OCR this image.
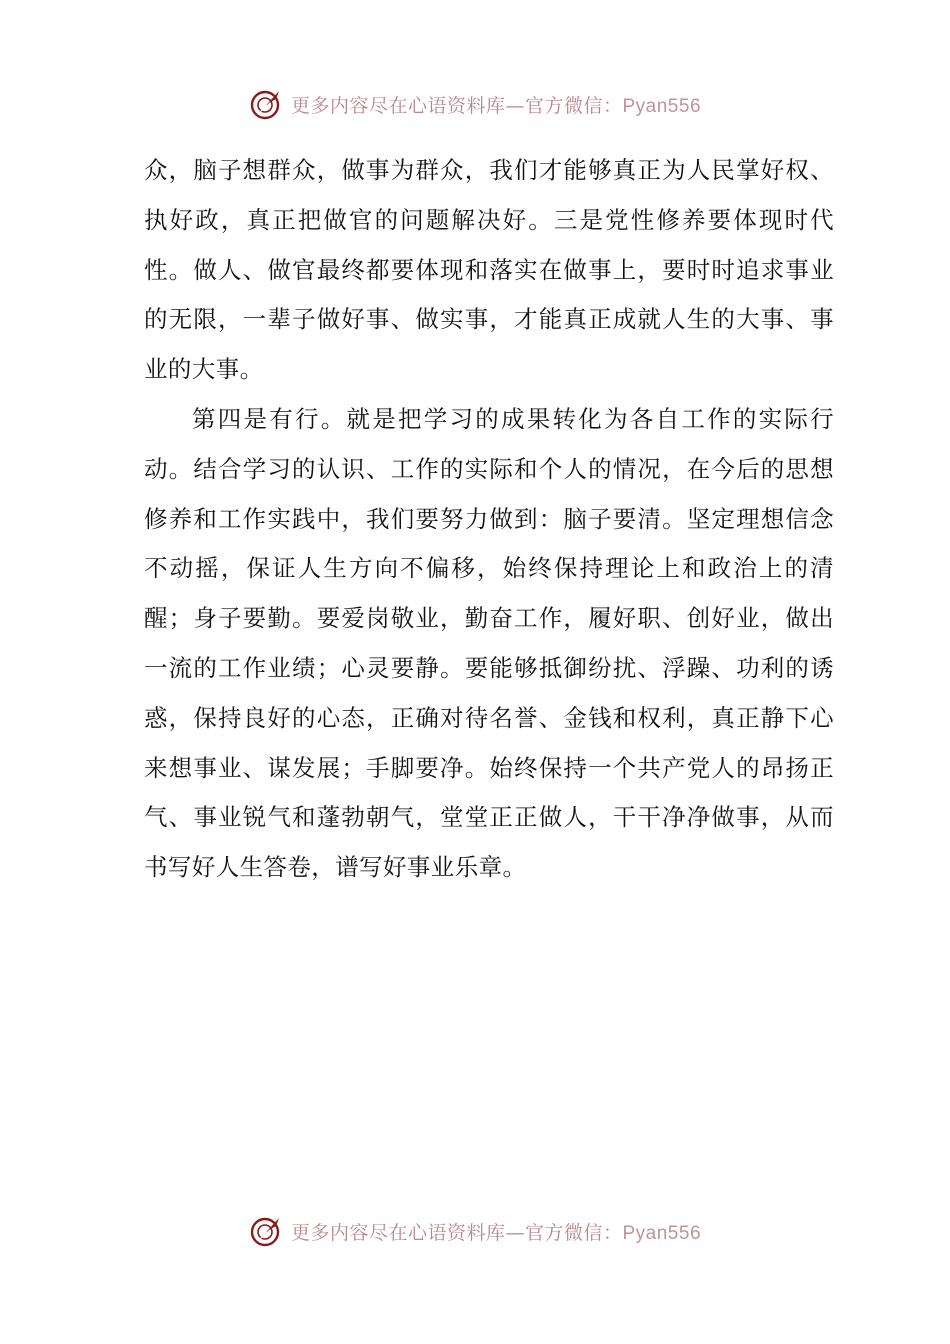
更多内容尽在心语资料库—官方微信：Pyan556

众，脑子想群众，做事为群众，我们才能够真正为人民掌好权、执好政，真正把做官的问题解决好。三是党性修养要体现时代性。做人、做官最终都要体现和落实在做事上，要时时追求事业的无限，一辈子做好事、做实事，才能真正成就人生的大事、事业的大事。

第四是有行。就是把学习的成果转化为各自工作的实际行动。结合学习的认识、工作的实际和个人的情况，在今后的思想修养和工作实践中，我们要努力做到：脑子要清。坚定理想信念不动摇，保证人生方向不偏移，始终保持理论上和政治上的清醒；身子要勤。要爱岗敬业，勤奋工作，履好职、创好业，做出一流的工作业绩；心灵要静。要能够抵御纷扰、浮躁、功利的诱惑，保持良好的心态，正确对待名誉、金钱和权利，真正静下心来想事业、谋发展；手脚要净。始终保持一个共产党人的昂扬正气、事业锐气和蓬勃朝气，堂堂正正做人，干干净净做事，从而书写好人生答卷，谱写好事业乐章。

更多内容尽在心语资料库—官方微信：Pyan556
